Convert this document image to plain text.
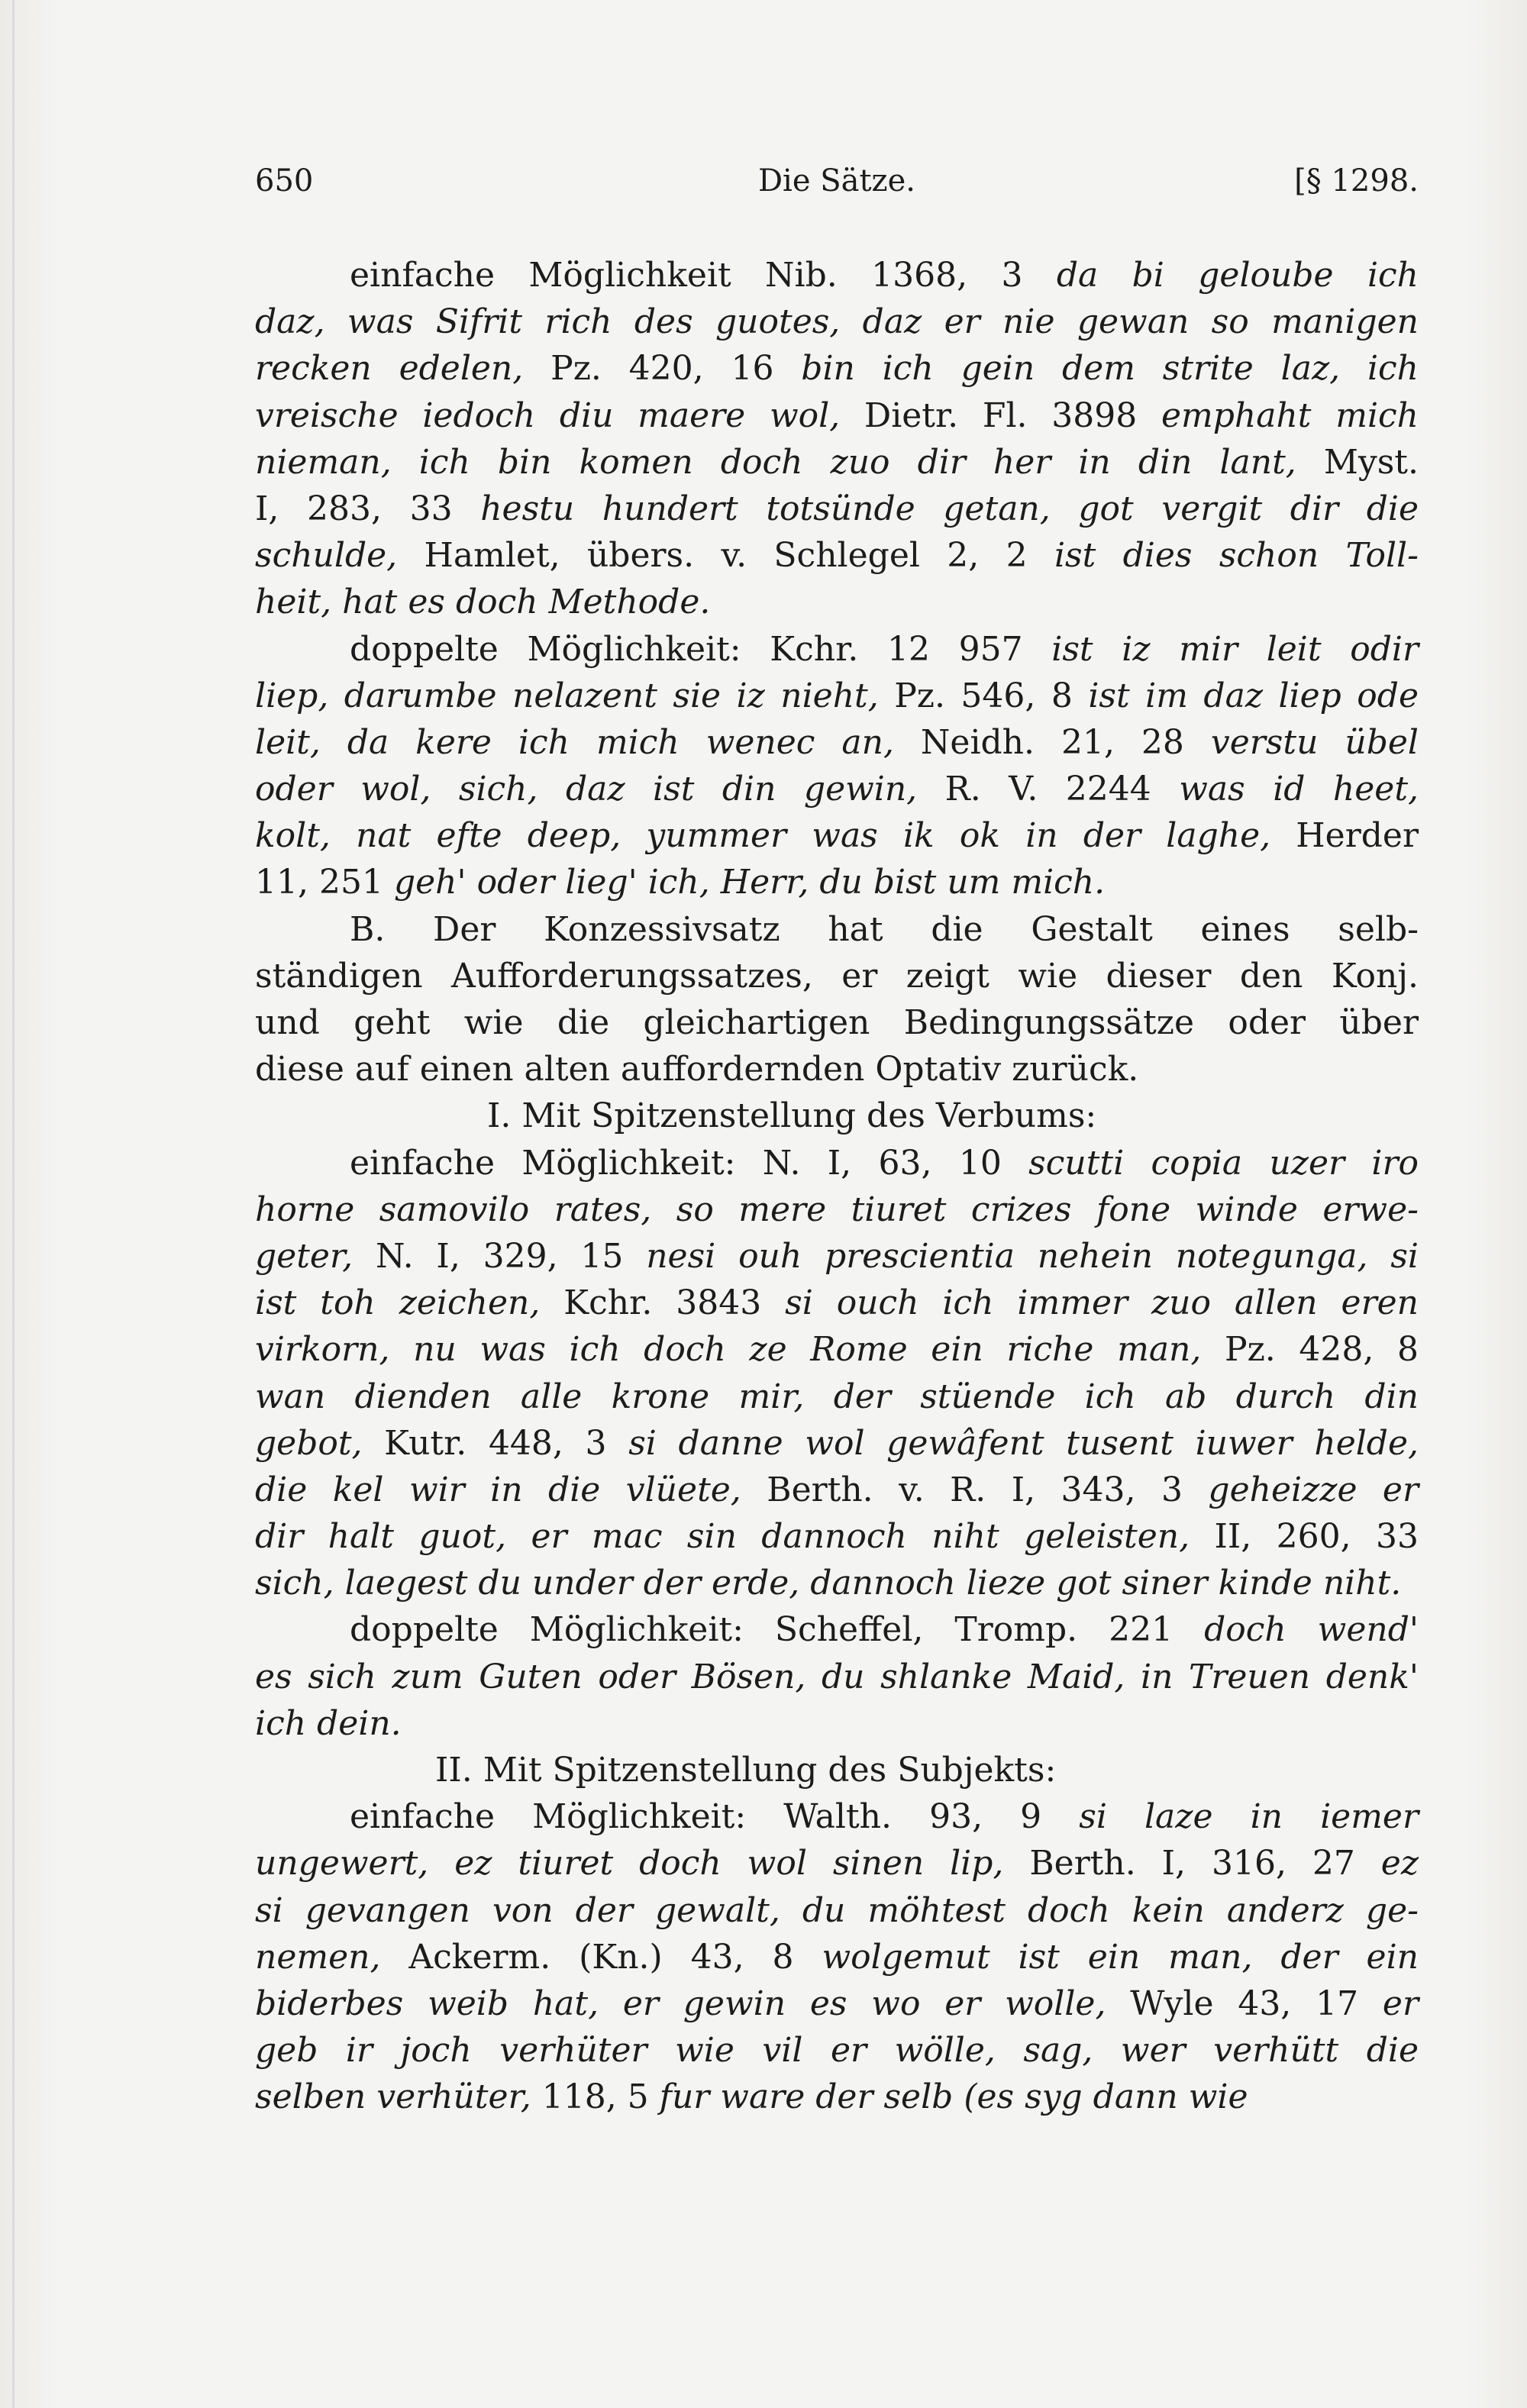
650	Die Sätze.	[§ 1298.
einfache Möglichkeit Nib. 1368, 3 da bi geloube ich
daz, was Sifrit rich des guotes, daz er nie gewan so manigen
recken edelen, Pz. 420, 16 bin ich gein dem strite laz, ich
vreische iedoch diu maere wol, Dietr. Fl. 3898 emphaht mich
nieman, ich bin komen doch zuo dir her in din lant, Myst.
I, 283, 33 hestu hundert totsünde getan, got vergit dir die
schulde, Hamlet, übers. v. Schlegel 2, 2 ist dies schon Toll-
heit, hat es doch Methode.
doppelte Möglichkeit: Kchr. 12 957 ist iz mir leit odir
liep, darumbe nelazent sie iz nieht, Pz. 546, 8 ist im daz liep ode
leit, da kere ich mich wenec an, Neidh. 21, 28 verstu übel
oder wol, sich, daz ist din gewin, R. V. 2244 was id heet,
kolt, nat efte deep, yummer was ik ok in der laghe, Herder
11, 251 geh' oder lieg' ich, Herr, du bist um mich.
B. Der Konzessivsatz hat die Gestalt eines selb-
ständigen Aufforderungssatzes, er zeigt wie dieser den Konj.
und geht wie die gleichartigen Bedingungssätze oder über
diese auf einen alten auffordernden Optativ zurück.
I. Mit Spitzenstellung des Verbums:
einfache Möglichkeit: N. I, 63, 10 scutti copia uzer iro
horne samovilo rates, so mere tiuret crizes fone winde erwe-
geter, N. I, 329, 15 nesi ouh prescientia nehein notegunga, si
ist toh zeichen, Kchr. 3843 si ouch ich immer zuo allen eren
virkorn, nu was ich doch ze Rome ein riche man, Pz. 428, 8
wan dienden alle krone mir, der stüende ich ab durch din
gebot, Kutr. 448, 3 si danne wol gewâfent tusent iuwer helde,
die kel wir in die vlüete, Berth. v. R. I, 343, 3 geheizze er
dir halt guot, er mac sin dannoch niht geleisten, II, 260, 33
sich, laegest du under der erde, dannoch lieze got siner kinde niht.
doppelte Möglichkeit: Scheffel, Tromp. 221 doch wend'
es sich zum Guten oder Bösen, du shlanke Maid, in Treuen denk'
ich dein.
II. Mit Spitzenstellung des Subjekts:
einfache Möglichkeit: Walth. 93, 9 si laze in iemer
ungewert, ez tiuret doch wol sinen lip, Berth. I, 316, 27 ez
si gevangen von der gewalt, du möhtest doch kein anderz ge-
nemen, Ackerm. (Kn.) 43, 8 wolgemut ist ein man, der ein
biderbes weib hat, er gewin es wo er wolle, Wyle 43, 17 er
geb ir joch verhüter wie vil er wölle, sag, wer verhütt die
selben verhüter, 118, 5 fur ware der selb (es syg dann wie
